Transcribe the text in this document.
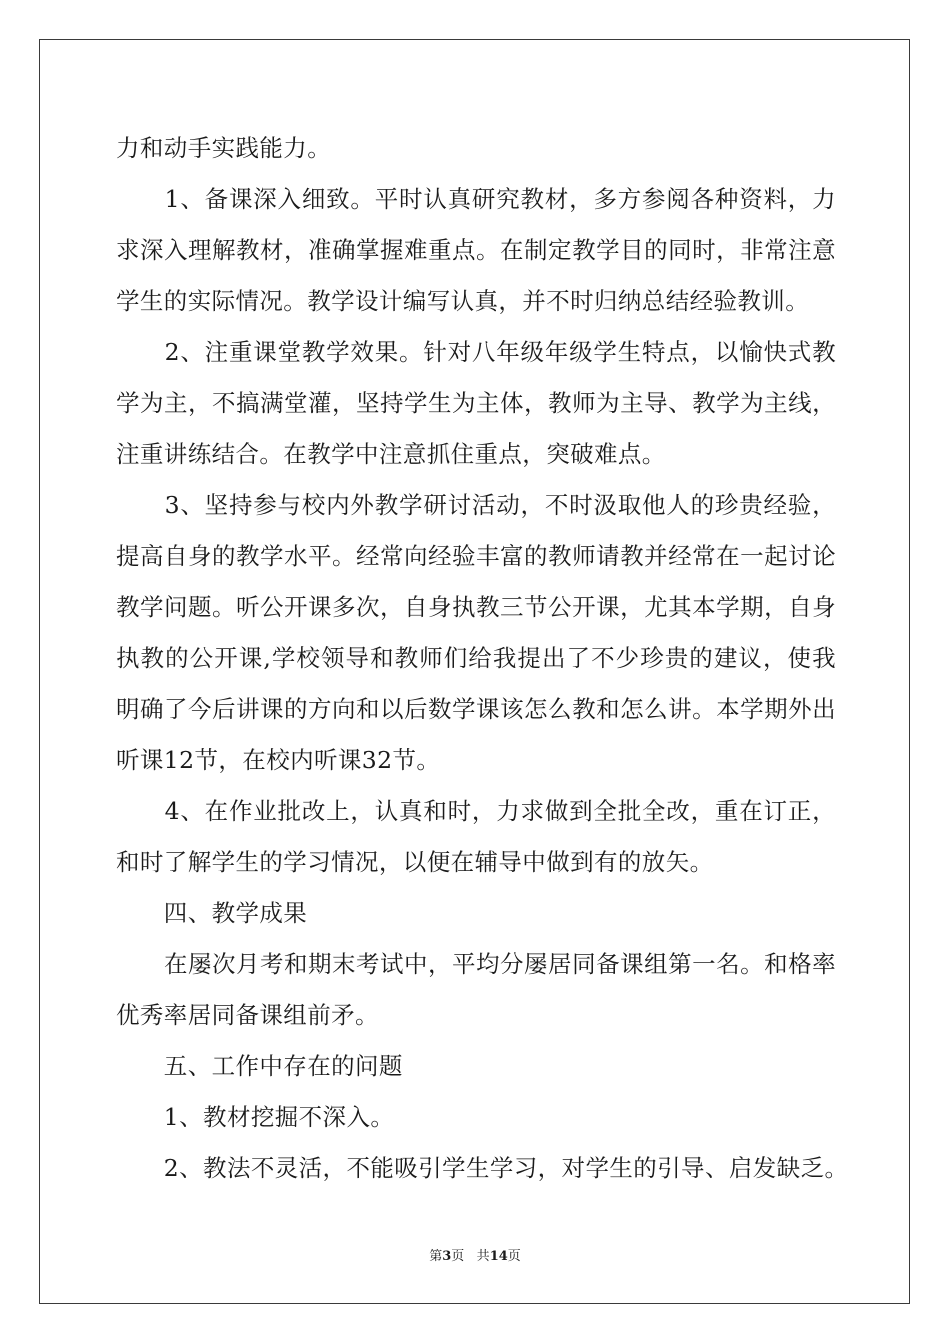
力和动手实践能力。
　　1、备课深入细致。平时认真研究教材，多方参阅各种资料，力
求深入理解教材，准确掌握难重点。在制定教学目的同时，非常注意
学生的实际情况。教学设计编写认真，并不时归纳总结经验教训。
　　2、注重课堂教学效果。针对八年级年级学生特点，以愉快式教
学为主，不搞满堂灌，坚持学生为主体，教师为主导、教学为主线，
注重讲练结合。在教学中注意抓住重点，突破难点。
　　3、坚持参与校内外教学研讨活动，不时汲取他人的珍贵经验，
提高自身的教学水平。经常向经验丰富的教师请教并经常在一起讨论
教学问题。听公开课多次，自身执教三节公开课，尤其本学期，自身
执教的公开课,学校领导和教师们给我提出了不少珍贵的建议，使我
明确了今后讲课的方向和以后数学课该怎么教和怎么讲。本学期外出
听课12节，在校内听课32节。
　　4、在作业批改上，认真和时，力求做到全批全改，重在订正，
和时了解学生的学习情况，以便在辅导中做到有的放矢。
　　四、教学成果
　　在屡次月考和期末考试中，平均分屡居同备课组第一名。和格率
优秀率居同备课组前矛。
　　五、工作中存在的问题
　　1、教材挖掘不深入。
　　2、教法不灵活，不能吸引学生学习，对学生的引导、启发缺乏。
第3页 共14页
